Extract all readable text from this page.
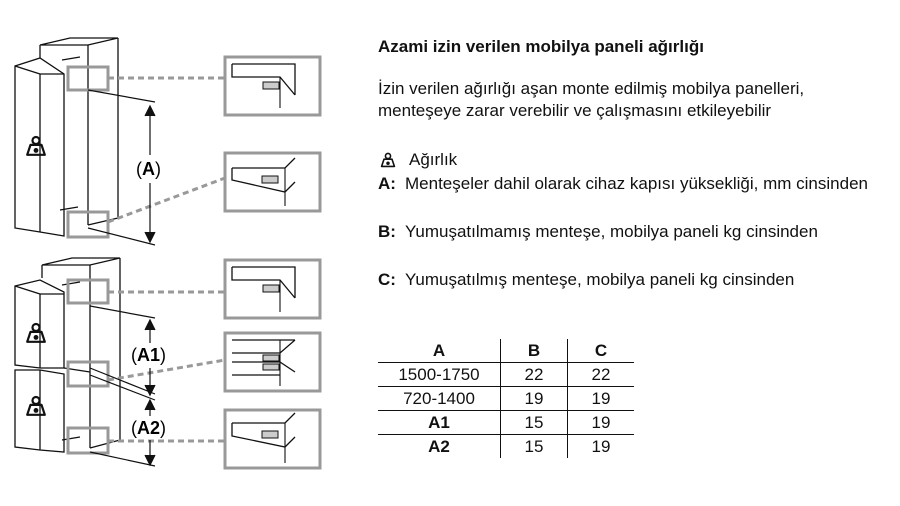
(A)
(A1)
(A2)
Azami izin verilen mobilya paneli ağırlığı
İzin verilen ağırlığı aşan monte edilmiş mobilya panelleri, menteşeye zarar verebilir ve çalışmasını etkileyebilir
Ağırlık
A: Menteşeler dahil olarak cihaz kapısı yüksekliği, mm cinsinden
B: Yumuşatılmamış menteşe, mobilya paneli kg cinsinden
C: Yumuşatılmış menteşe, mobilya paneli kg cinsinden
A	B	C
1500-1750	22	22
720-1400	19	19
A1	15	19
A2	15	19
